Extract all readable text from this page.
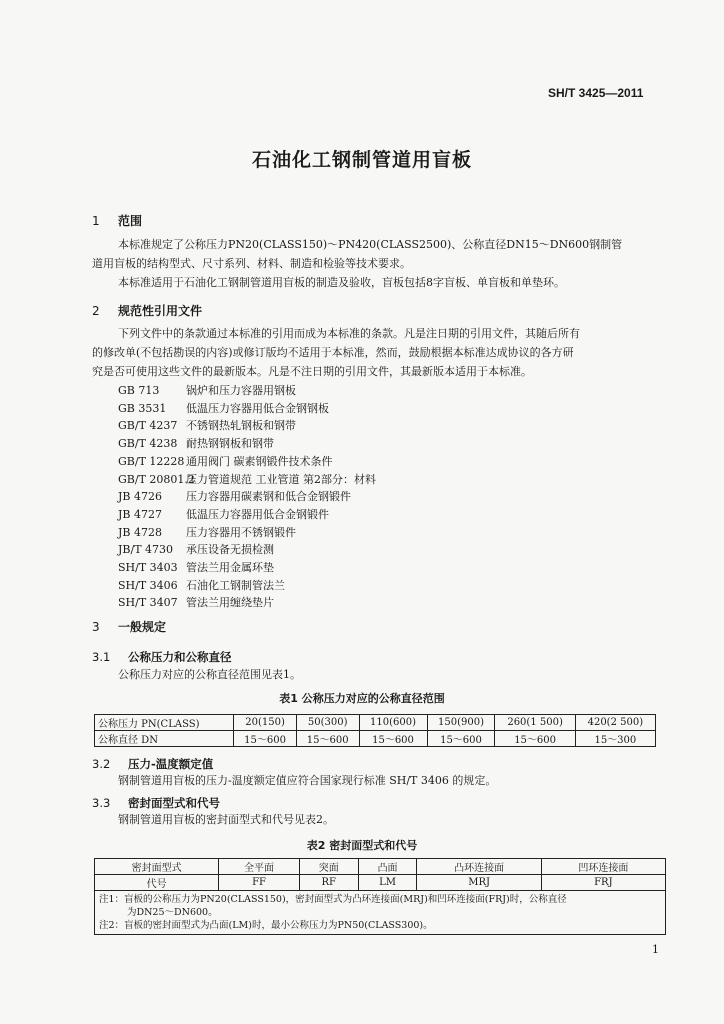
SH/T 3425—2011
石油化工钢制管道用盲板
1 范围
本标准规定了公称压力PN20(CLASS150)～PN420(CLASS2500)、公称直径DN15～DN600钢制管
道用盲板的结构型式、尺寸系列、材料、制造和检验等技术要求。
本标准适用于石油化工钢制管道用盲板的制造及验收，盲板包括8字盲板、单盲板和单垫环。
2 规范性引用文件
下列文件中的条款通过本标准的引用而成为本标准的条款。凡是注日期的引用文件，其随后所有
的修改单(不包括勘误的内容)或修订版均不适用于本标准，然而，鼓励根据本标准达成协议的各方研
究是否可使用这些文件的最新版本。凡是不注日期的引用文件，其最新版本适用于本标准。
GB 713 锅炉和压力容器用钢板
GB 3531 低温压力容器用低合金钢钢板
GB/T 4237 不锈钢热轧钢板和钢带
GB/T 4238 耐热钢钢板和钢带
GB/T 12228 通用阀门 碳素钢锻件技术条件
GB/T 20801.2压力管道规范 工业管道 第2部分：材料
JB 4726 压力容器用碳素钢和低合金钢锻件
JB 4727 低温压力容器用低合金钢锻件
JB 4728 压力容器用不锈钢锻件
JB/T 4730 承压设备无损检测
SH/T 3403 管法兰用金属环垫
SH/T 3406 石油化工钢制管法兰
SH/T 3407 管法兰用缠绕垫片
3 一般规定
3.1 公称压力和公称直径
公称压力对应的公称直径范围见表1。
表1 公称压力对应的公称直径范围
公称压力 PN(CLASS)	20(150)	50(300)	110(600)	150(900)	260(1 500)	420(2 500)
公称直径 DN	15～600	15～600	15～600	15～600	15～600	15～300
3.2 压力-温度额定值
钢制管道用盲板的压力-温度额定值应符合国家现行标准 SH/T 3406 的规定。
3.3 密封面型式和代号
钢制管道用盲板的密封面型式和代号见表2。
表2 密封面型式和代号
密封面型式	全平面	突面	凸面	凸环连接面	凹环连接面
代号	FF	RF	LM	MRJ	FRJ

注1：盲板的公称压力为PN20(CLASS150)，密封面型式为凸环连接面(MRJ)和凹环连接面(FRJ)时，公称直径
为DN25～DN600。
注2：盲板的密封面型式为凸面(LM)时，最小公称压力为PN50(CLASS300)。					
1
